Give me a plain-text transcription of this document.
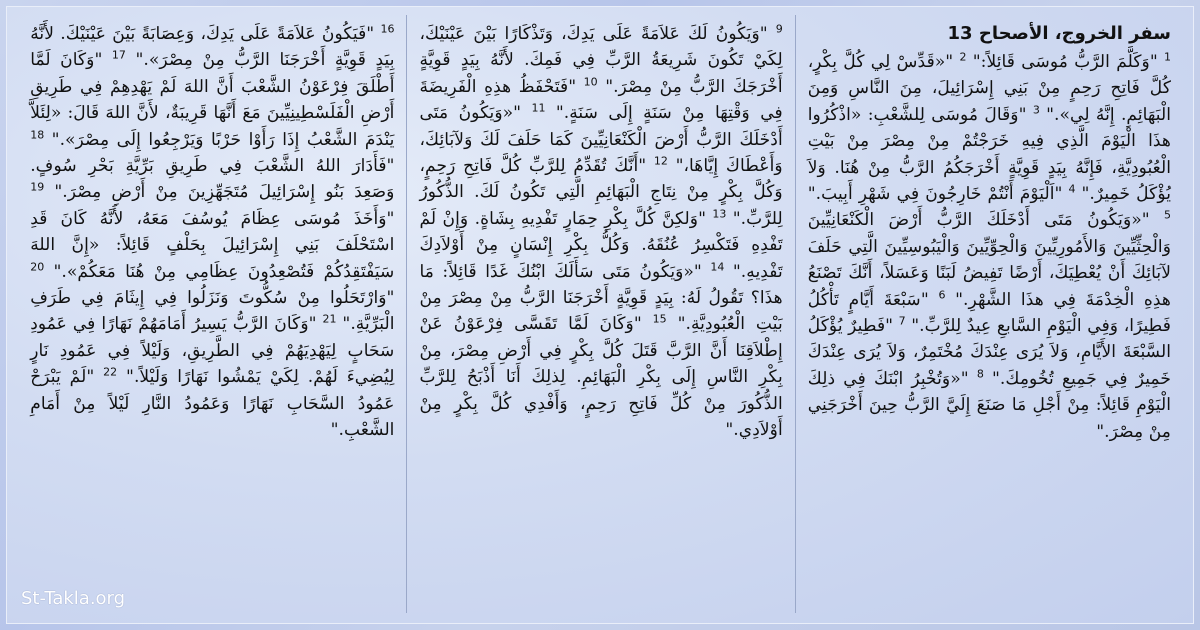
سفر الخروج، الأصحاح 13
$^1$ "وَكَلَّمَ الرَّبُّ مُوسَى قَائِلاً:" $^2$ "«قَدِّسْ لِي كُلَّ بِكْرٍ، كُلَّ فَاتِحِ رَحِمٍ مِنْ بَنِي إِسْرَائِيلَ، مِنَ النَّاسِ وَمِنَ الْبَهَائِمِ. إِنَّهُ لِي»." $^3$ "وَقَالَ مُوسَى لِلشَّعْبِ: «اذْكُرُوا هذَا الْيَوْمَ الَّذِي فِيهِ خَرَجْتُمْ مِنْ مِصْرَ مِنْ بَيْتِ الْعُبُودِيَّةِ، فَإِنَّهُ بِيَدٍ قَوِيَّةٍ أَخْرَجَكُمُ الرَّبُّ مِنْ هُنَا. وَلاَ يُؤْكَلُ خَمِيرٌ." $^4$ "اَلْيَوْمَ أَنْتُمْ خَارِجُونَ فِي شَهْرِ أَبِيبَ." $^5$ "«وَيَكُونُ مَتَى أَدْخَلَكَ الرَّبُّ أَرْضَ الْكَنْعَانِيِّينَ وَالْحِثِّيِّينَ وَالأَمُورِيِّينَ وَالْحِوِّيِّينَ وَالْيَبُوسِيِّينَ الَّتِي حَلَفَ لآبَائِكَ أَنْ يُعْطِيَكَ، أَرْضًا تَفِيضُ لَبَنًا وَعَسَلاً، أَنَّكَ تَصْنَعُ هذِهِ الْخِدْمَةَ فِي هذَا الشَّهْرِ." $^6$ "سَبْعَةَ أَيَّامٍ تَأْكُلُ فَطِيرًا، وَفِي الْيَوْمِ السَّابعِ عِيدٌ لِلرَّبِّ." $^7$ "فَطِيرٌ يُؤْكَلُ السَّبْعَةَ الأَيَّامِ، وَلاَ يُرَى عِنْدَكَ مُخْتَمِرٌ، وَلاَ يُرَى عِنْدَكَ خَمِيرٌ فِي جَمِيعِ تُخُومِكَ." $^8$ "«وَتُخْبِرُ ابْنَكَ فِي ذلِكَ الْيَوْمِ قَائِلاً: مِنْ أَجْلِ مَا صَنَعَ إِلَيَّ الرَّبُّ حِينَ أَخْرَجَنِي مِنْ مِصْرَ."
$^9$ "وَيَكُونُ لَكَ عَلاَمَةً عَلَى يَدِكَ، وَتَذْكَارًا بَيْنَ عَيْنَيْكَ، لِكَيْ تَكُونَ شَرِيعَةُ الرَّبِّ فِي فَمِكَ. لأَنَّهُ بِيَدٍ قَوِيَّةٍ أَخْرَجَكَ الرَّبُّ مِنْ مِصْرَ." $^{10}$ "فَتَحْفَظُ هذِهِ الْفَرِيضَةَ فِي وَقْتِهَا مِنْ سَنَةٍ إِلَى سَنَةٍ." $^{11}$ "«وَيَكُونُ مَتَى أَدْخَلَكَ الرَّبُّ أَرْضَ الْكَنْعَانِيِّينَ كَمَا حَلَفَ لَكَ وَلآبَائِكَ، وَأَعْطَاكَ إِيَّاهَا،" $^{12}$ "أَنَّكَ تُقَدِّمُ لِلرَّبِّ كُلَّ فَاتِحِ رَحِمٍ، وَكُلَّ بِكْرٍ مِنْ نِتَاجِ الْبَهَائِمِ الَّتِي تَكُونُ لَكَ. الذُّكُورُ لِلرَّبِّ." $^{13}$ "وَلكِنَّ كُلَّ بِكْرِ حِمَارٍ تَفْدِيهِ بِشَاةٍ. وَإِنْ لَمْ تَفْدِهِ فَتَكْسِرُ عُنُقَهُ. وَكُلُّ بِكْرِ إِنْسَانٍ مِنْ أَوْلاَدِكَ تَفْدِيهِ." $^{14}$ "«وَيَكُونُ مَتَى سَأَلَكَ ابْنُكَ غَدًا قَائِلاً: مَا هذَا؟ تَقُولُ لَهُ: بِيَدٍ قَوِيَّةٍ أَخْرَجَنَا الرَّبُّ مِنْ مِصْرَ مِنْ بَيْتِ الْعُبُودِيَّةِ." $^{15}$ "وَكَانَ لَمَّا تَقَسَّى فِرْعَوْنُ عَنْ إِطْلاَقِنَا أَنَّ الرَّبَّ قَتَلَ كُلَّ بِكْرٍ فِي أَرْضِ مِصْرَ، مِنْ بِكْرِ النَّاسِ إِلَى بِكْرِ الْبَهَائِمِ. لِذلِكَ أَنَا أَذْبَحُ لِلرَّبِّ الذُّكُورَ مِنْ كُلِّ فَاتِحِ رَحِمٍ، وَأَفْدِي كُلَّ بِكْرٍ مِنْ أَوْلاَدِي."
$^{16}$ "فَيَكُونُ عَلاَمَةً عَلَى يَدِكَ، وَعِصَابَةً بَيْنَ عَيْنَيْكَ. لأَنَّهُ بِيَدٍ قَوِيَّةٍ أَخْرَجَنَا الرَّبُّ مِنْ مِصْرَ»." $^{17}$ "وَكَانَ لَمَّا أَطْلَقَ فِرْعَوْنُ الشَّعْبَ أَنَّ اللهَ لَمْ يَهْدِهِمْ فِي طَرِيقِ أَرْضِ الْفَلَسْطِينِيِّينَ مَعَ أَنَّهَا قَرِيبَةٌ، لأَنَّ اللهَ قَالَ: «لِئَلاَّ يَنْدَمَ الشَّعْبُ إِذَا رَأَوْا حَرْبًا وَيَرْجِعُوا إِلَى مِصْرَ»." $^{18}$ "فَأَدَارَ اللهُ الشَّعْبَ فِي طَرِيقِ بَرِّيَّةِ بَحْرِ سُوفٍ. وَصَعِدَ بَنُو إِسْرَائِيلَ مُتَجَهِّزِينَ مِنْ أَرْضِ مِصْرَ." $^{19}$ "وَأَخَذَ مُوسَى عِظَامَ يُوسُفَ مَعَهُ، لأَنَّهُ كَانَ قَدِ اسْتَحْلَفَ بَنِي إِسْرَائِيلَ بِحَلْفٍ قَائِلاً: «إِنَّ اللهَ سَيَفْتَقِدُكُمْ فَتُصْعِدُونَ عِظَامِي مِنْ هُنَا مَعَكُمْ»." $^{20}$ "وَارْتَحَلُوا مِنْ سُكُّوتَ وَنَزَلُوا فِي إِيثَامَ فِي طَرَفِ الْبَرِّيَّةِ." $^{21}$ "وَكَانَ الرَّبُّ يَسِيرُ أَمَامَهُمْ نَهَارًا فِي عَمُودِ سَحَابٍ لِيَهْدِيَهُمْ فِي الطَّرِيقِ، وَلَيْلاً فِي عَمُودِ نَارٍ لِيُضِيءَ لَهُمْ. لِكَيْ يَمْشُوا نَهَارًا وَلَيْلاً." $^{22}$ "لَمْ يَبْرَحْ عَمُودُ السَّحَابِ نَهَارًا وَعَمُودُ النَّارِ لَيْلاً مِنْ أَمَامِ الشَّعْبِ."
St-Takla.org
